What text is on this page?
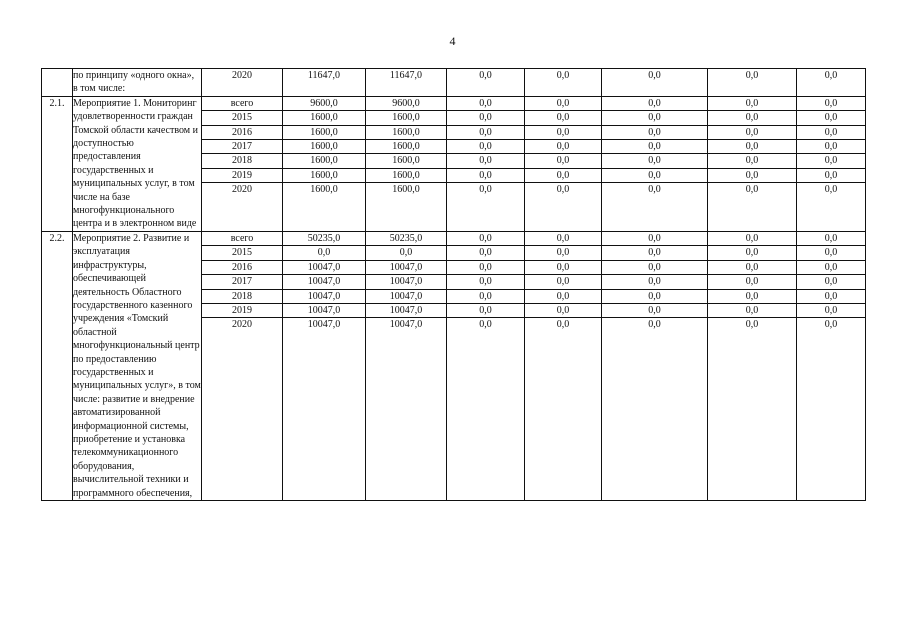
4
	по принципу «одного окна», в том числе:	2020	11647,0	11647,0	0,0	0,0	0,0	0,0	0,0
2.1.	Мероприятие 1. Мониторинг удовлетворенности граждан Томской области качеством и доступностью предоставления государственных и муниципальных услуг, в том числе на базе многофункционального центра и в электронном виде	всего	9600,0	9600,0	0,0	0,0	0,0	0,0	0,0
		2015	1600,0	1600,0	0,0	0,0	0,0	0,0	0,0
		2016	1600,0	1600,0	0,0	0,0	0,0	0,0	0,0
		2017	1600,0	1600,0	0,0	0,0	0,0	0,0	0,0
		2018	1600,0	1600,0	0,0	0,0	0,0	0,0	0,0
		2019	1600,0	1600,0	0,0	0,0	0,0	0,0	0,0
		2020	1600,0	1600,0	0,0	0,0	0,0	0,0	0,0
2.2.	Мероприятие 2. Развитие и эксплуатация инфраструктуры, обеспечивающей деятельность Областного государственного казенного учреждения «Томский областной многофункциональный центр по предоставлению государственных и муниципальных услуг», в том числе: развитие и внедрение автоматизированной информационной системы, приобретение и установка телекоммуникационного оборудования, вычислительной техники и программного обеспечения,	всего	50235,0	50235,0	0,0	0,0	0,0	0,0	0,0
		2015	0,0	0,0	0,0	0,0	0,0	0,0	0,0
		2016	10047,0	10047,0	0,0	0,0	0,0	0,0	0,0
		2017	10047,0	10047,0	0,0	0,0	0,0	0,0	0,0
		2018	10047,0	10047,0	0,0	0,0	0,0	0,0	0,0
		2019	10047,0	10047,0	0,0	0,0	0,0	0,0	0,0
		2020	10047,0	10047,0	0,0	0,0	0,0	0,0	0,0
